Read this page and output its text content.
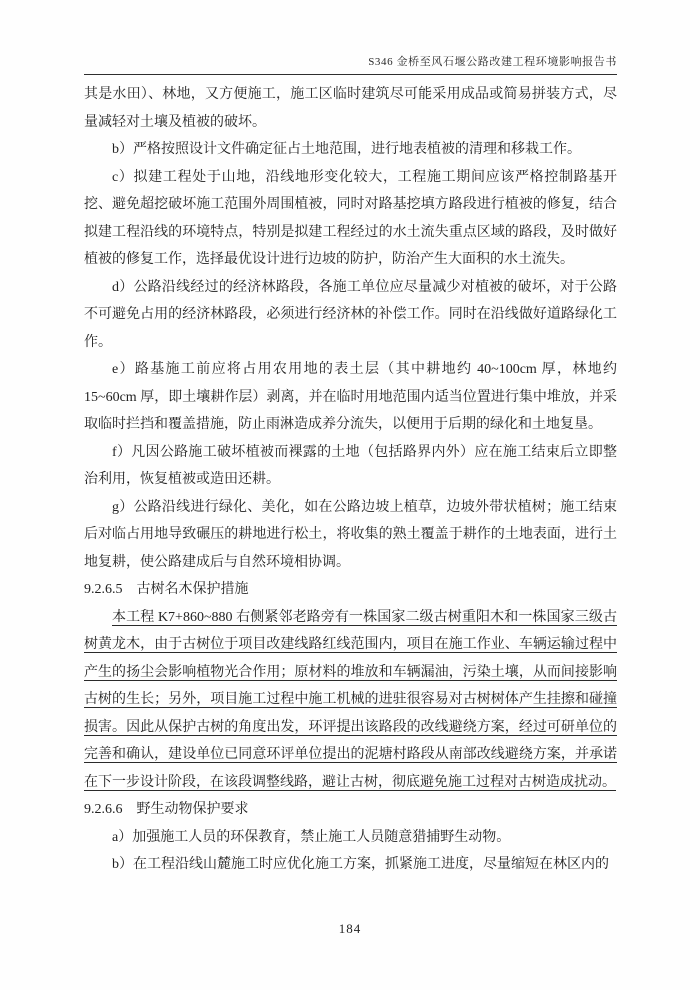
S346 金桥至风石堰公路改建工程环境影响报告书

其是水田）、林地，又方便施工，施工区临时建筑尽可能采用成品或简易拼装方式，尽量减轻对土壤及植被的破坏。

b）严格按照设计文件确定征占土地范围，进行地表植被的清理和移栽工作。

c）拟建工程处于山地，沿线地形变化较大，工程施工期间应该严格控制路基开挖、避免超挖破坏施工范围外周围植被，同时对路基挖填方路段进行植被的修复，结合拟建工程沿线的环境特点，特别是拟建工程经过的水土流失重点区域的路段，及时做好植被的修复工作，选择最优设计进行边坡的防护，防治产生大面积的水土流失。

d）公路沿线经过的经济林路段，各施工单位应尽量减少对植被的破坏，对于公路不可避免占用的经济林路段，必须进行经济林的补偿工作。同时在沿线做好道路绿化工作。

e）路基施工前应将占用农用地的表土层（其中耕地约 40~100cm 厚，林地约 15~60cm 厚，即土壤耕作层）剥离，并在临时用地范围内适当位置进行集中堆放，并采取临时拦挡和覆盖措施，防止雨淋造成养分流失，以便用于后期的绿化和土地复垦。

f）凡因公路施工破坏植被而裸露的土地（包括路界内外）应在施工结束后立即整治利用，恢复植被或造田还耕。

g）公路沿线进行绿化、美化，如在公路边坡上植草，边坡外带状植树；施工结束后对临占用地导致碾压的耕地进行松土，将收集的熟土覆盖于耕作的土地表面，进行土地复耕，使公路建成后与自然环境相协调。

9.2.6.5　古树名木保护措施

本工程 K7+860~880 右侧紧邻老路旁有一株国家二级古树重阳木和一株国家三级古树黄龙木，由于古树位于项目改建线路红线范围内，项目在施工作业、车辆运输过程中产生的扬尘会影响植物光合作用；原材料的堆放和车辆漏油，污染土壤，从而间接影响古树的生长；另外，项目施工过程中施工机械的进驻很容易对古树树体产生挂擦和碰撞损害。因此从保护古树的角度出发，环评提出该路段的改线避绕方案，经过可研单位的完善和确认，建设单位已同意环评单位提出的泥塘村路段从南部改线避绕方案，并承诺在下一步设计阶段，在该段调整线路，避让古树，彻底避免施工过程对古树造成扰动。

9.2.6.6　野生动物保护要求

a）加强施工人员的环保教育，禁止施工人员随意猎捕野生动物。

b）在工程沿线山麓施工时应优化施工方案，抓紧施工进度，尽量缩短在林区内的

184
